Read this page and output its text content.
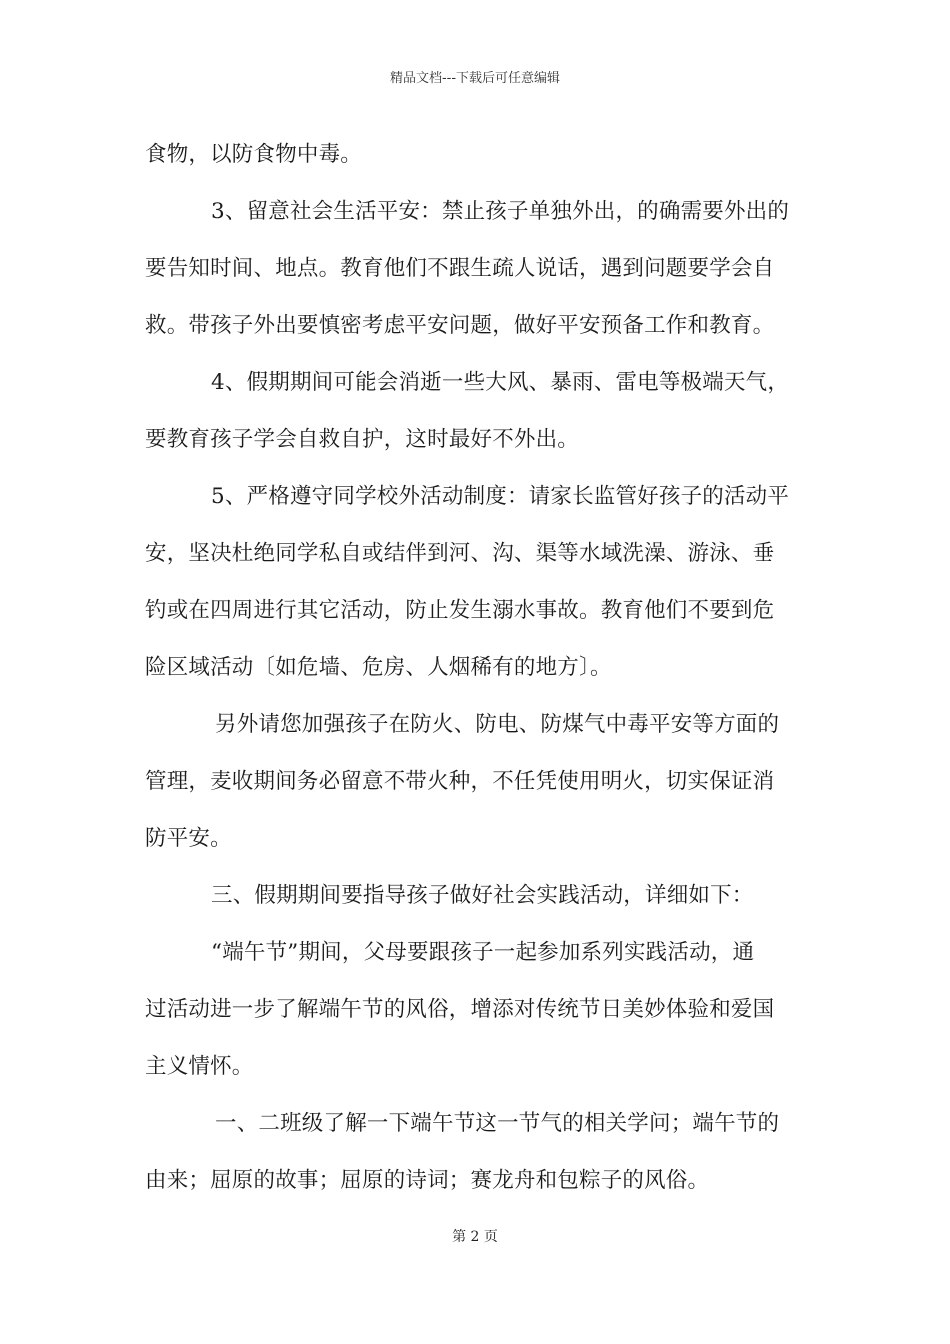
精品文档---下载后可任意编辑
食物，以防食物中毒。
3、留意社会生活平安：禁止孩子单独外出，的确需要外出的
要告知时间、地点。教育他们不跟生疏人说话，遇到问题要学会自
救。带孩子外出要慎密考虑平安问题，做好平安预备工作和教育。
4、假期期间可能会消逝一些大风、暴雨、雷电等极端天气，
要教育孩子学会自救自护，这时最好不外出。
5、严格遵守同学校外活动制度：请家长监管好孩子的活动平
安，坚决杜绝同学私自或结伴到河、沟、渠等水域洗澡、游泳、垂
钓或在四周进行其它活动，防止发生溺水事故。教育他们不要到危
险区域活动〔如危墙、危房、人烟稀有的地方〕。
另外请您加强孩子在防火、防电、防煤气中毒平安等方面的
管理，麦收期间务必留意不带火种，不任凭使用明火，切实保证消
防平安。
三、假期期间要指导孩子做好社会实践活动，详细如下：
“端午节”期间，父母要跟孩子一起参加系列实践活动，通
过活动进一步了解端午节的风俗，增添对传统节日美妙体验和爱国
主义情怀。
一、二班级了解一下端午节这一节气的相关学问；端午节的
由来；屈原的故事；屈原的诗词；赛龙舟和包粽子的风俗。
第 2 页
